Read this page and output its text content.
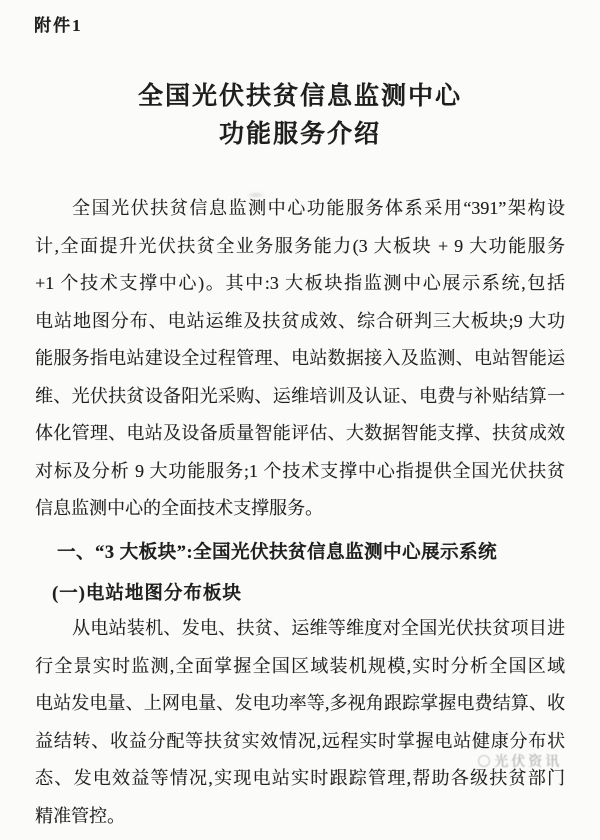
附件1
全国光伏扶贫信息监测中心
功能服务介绍
全国光伏扶贫信息监测中心功能服务体系采用“391”架构设
计,全面提升光伏扶贫全业务服务能力(3 大板块 + 9 大功能服务
+1 个技术支撑中心)。其中:3 大板块指监测中心展示系统,包括
电站地图分布、电站运维及扶贫成效、综合研判三大板块;9 大功
能服务指电站建设全过程管理、电站数据接入及监测、电站智能运
维、光伏扶贫设备阳光采购、运维培训及认证、电费与补贴结算一
体化管理、电站及设备质量智能评估、大数据智能支撑、扶贫成效
对标及分析 9 大功能服务;1 个技术支撑中心指提供全国光伏扶贫
信息监测中心的全面技术支撑服务。
一、“3 大板块”:全国光伏扶贫信息监测中心展示系统
(一)电站地图分布板块
从电站装机、发电、扶贫、运维等维度对全国光伏扶贫项目进
行全景实时监测,全面掌握全国区域装机规模,实时分析全国区域
电站发电量、上网电量、发电功率等,多视角跟踪掌握电费结算、收
益结转、收益分配等扶贫实效情况,远程实时掌握电站健康分布状
态、发电效益等情况,实现电站实时跟踪管理,帮助各级扶贫部门
精准管控。
光伏资讯
